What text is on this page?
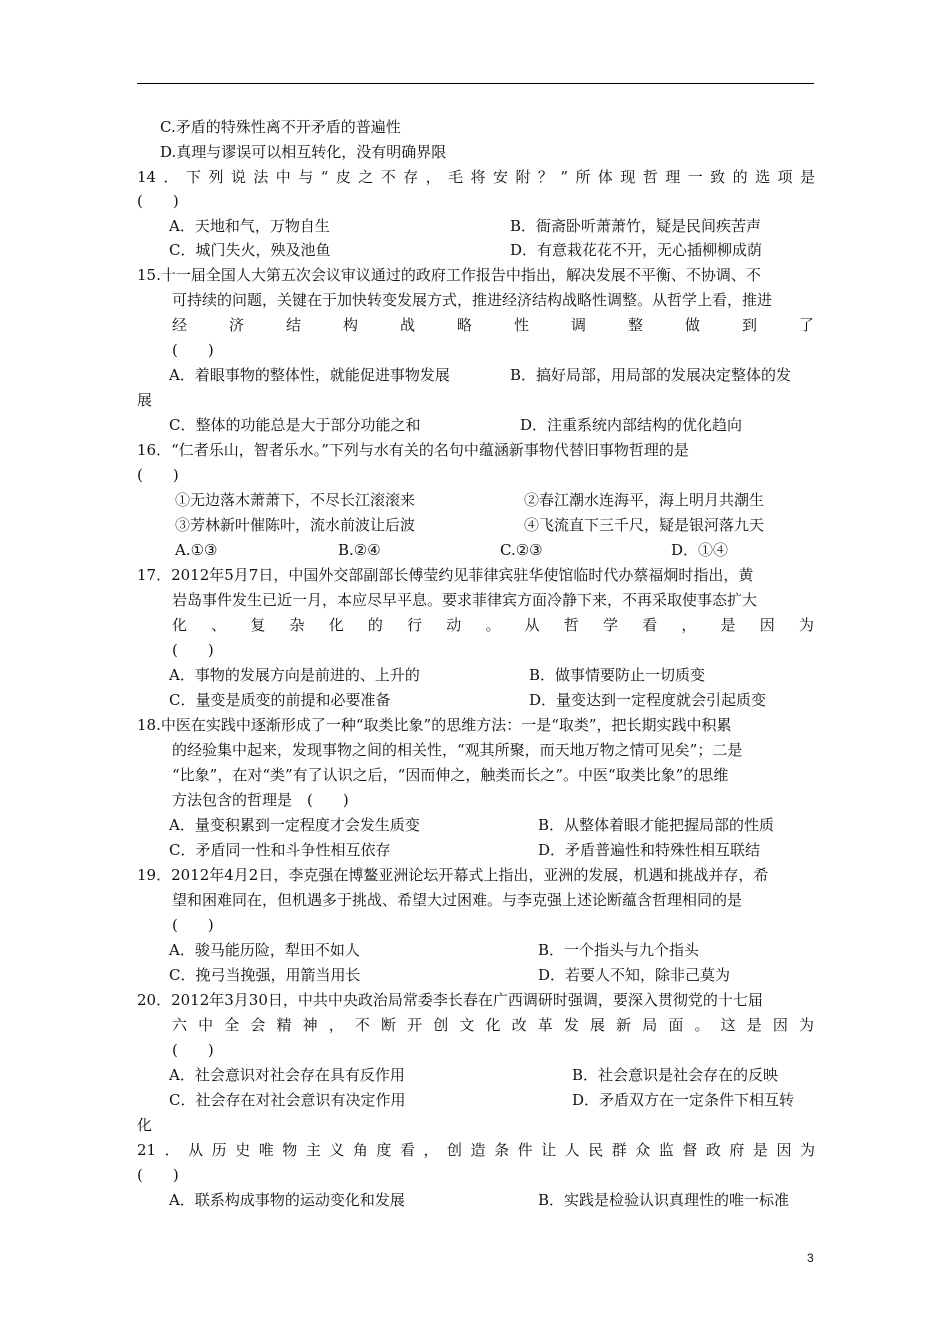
C.矛盾的特殊性离不开矛盾的普遍性
D.真理与谬误可以相互转化，没有明确界限
14．下列说法中与“皮之不存，毛将安附？”所体现哲理一致的选项是
(　　)
A．天地和气，万物自生	B．衙斋卧听萧萧竹，疑是民间疾苦声
C．城门失火，殃及池鱼	D．有意栽花花不开，无心插柳柳成荫
15.十一届全国人大第五次会议审议通过的政府工作报告中指出，解决发展不平衡、不协调、不
可持续的问题，关键在于加快转变发展方式，推进经济结构战略性调整。从哲学上看，推进
经济结构战略性调整做到了
(　　)
A．着眼事物的整体性，就能促进事物发展	B．搞好局部，用局部的发展决定整体的发
展
C．整体的功能总是大于部分功能之和	D．注重系统内部结构的优化趋向
16．“仁者乐山，智者乐水。”下列与水有关的名句中蕴涵新事物代替旧事物哲理的是
(　　)
①无边落木萧萧下，不尽长江滚滚来	②春江潮水连海平，海上明月共潮生
③芳林新叶催陈叶，流水前波让后波	④飞流直下三千尺，疑是银河落九天
A.①③	B.②④	C.②③	D．①④
17．2012年5月7日，中国外交部副部长傅莹约见菲律宾驻华使馆临时代办蔡福炯时指出，黄
岩岛事件发生已近一月，本应尽早平息。要求菲律宾方面冷静下来，不再采取使事态扩大
化、复杂化的行动。从哲学看，是因为
(　　)
A．事物的发展方向是前进的、上升的	B．做事情要防止一切质变
C．量变是质变的前提和必要准备	D．量变达到一定程度就会引起质变
18.中医在实践中逐渐形成了一种“取类比象”的思维方法：一是“取类”，把长期实践中积累
的经验集中起来，发现事物之间的相关性，“观其所聚，而天地万物之情可见矣”；二是
“比象”，在对“类”有了认识之后，“因而伸之，触类而长之”。中医“取类比象”的思维
方法包含的哲理是　(　　)
A．量变积累到一定程度才会发生质变	B．从整体着眼才能把握局部的性质
C．矛盾同一性和斗争性相互依存	D．矛盾普遍性和特殊性相互联结
19．2012年4月2日，李克强在博鳌亚洲论坛开幕式上指出，亚洲的发展，机遇和挑战并存，希
望和困难同在，但机遇多于挑战、希望大过困难。与李克强上述论断蕴含哲理相同的是
(　　)
A．骏马能历险，犁田不如人	B．一个指头与九个指头
C．挽弓当挽强，用箭当用长	D．若要人不知，除非己莫为
20．2012年3月30日，中共中央政治局常委李长春在广西调研时强调，要深入贯彻党的十七届
六中全会精神，不断开创文化改革发展新局面。这是因为
(　　)
A．社会意识对社会存在具有反作用	B．社会意识是社会存在的反映
C．社会存在对社会意识有决定作用	D．矛盾双方在一定条件下相互转
化
21．从历史唯物主义角度看，创造条件让人民群众监督政府是因为
(　　)
A．联系构成事物的运动变化和发展	B．实践是检验认识真理性的唯一标准
3
